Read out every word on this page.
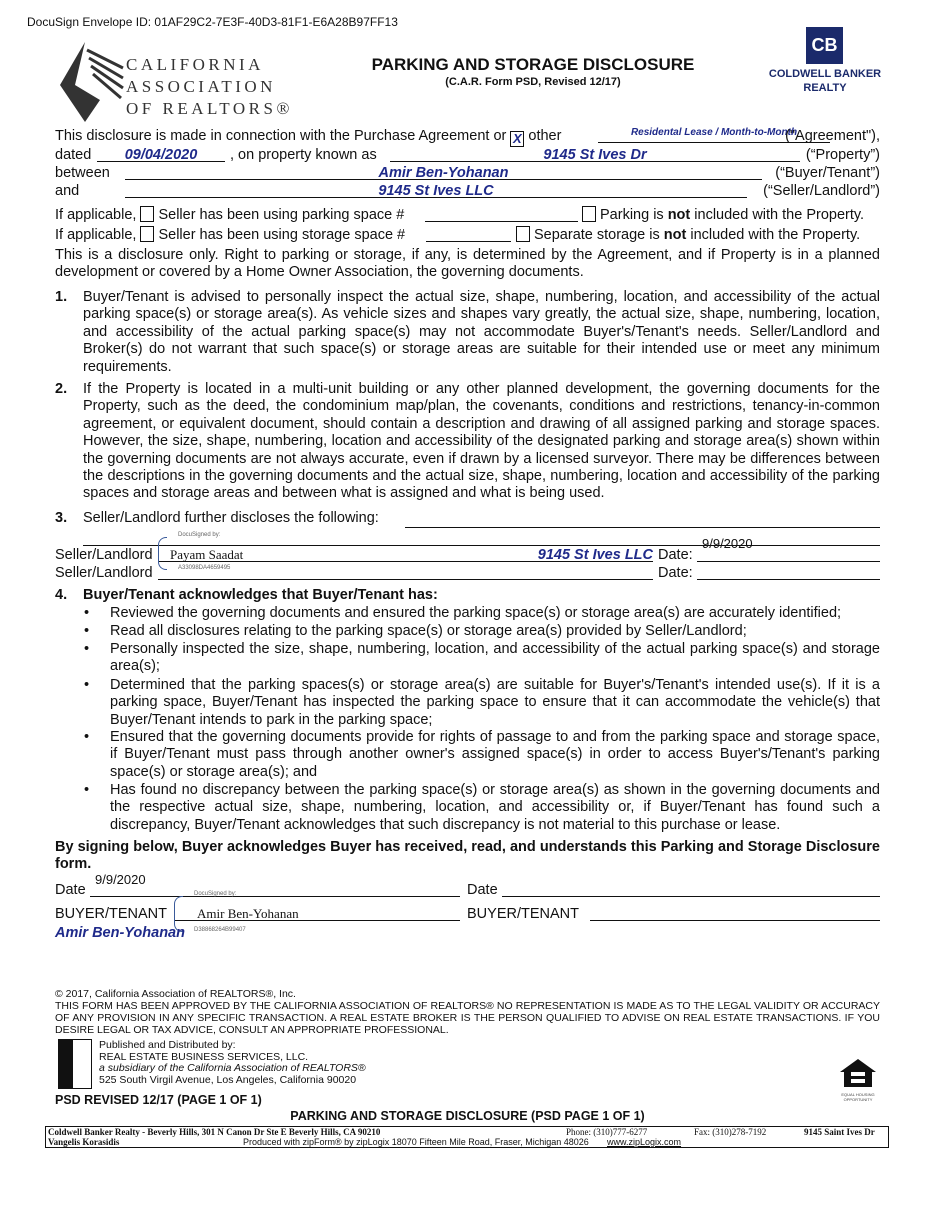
DocuSign Envelope ID: 01AF29C2-7E3F-40D3-81F1-E6A28B97FF13
CALIFORNIA
ASSOCIATION
OF REALTORS®
PARKING AND STORAGE DISCLOSURE
(C.A.R. Form PSD, Revised 12/17)
CB
COLDWELL BANKER
REALTY
This disclosure is made in connection with the Purchase Agreement or X other	Residental Lease / Month-to-Month
("Agreement"),
dated	09/04/2020	, on property known as	9145 St Ives Dr	(“Property”)
between	Amir Ben-Yohanan	(“Buyer/Tenant”)
and	9145 St Ives LLC	(“Seller/Landlord”)
If applicable, Seller has been using parking space #	Parking is not included with the Property.
If applicable, Seller has been using storage space #	Separate storage is not included with the Property.
This is a disclosure only. Right to parking or storage, if any, is determined by the Agreement, and if Property is in a planned development or covered by a Home Owner Association, the governing documents.
1. Buyer/Tenant is advised to personally inspect the actual size, shape, numbering, location, and accessibility of the actual parking space(s) or storage area(s). As vehicle sizes and shapes vary greatly, the actual size, shape, numbering, location, and accessibility of the actual parking space(s) may not accommodate Buyer's/Tenant's needs. Seller/Landlord and Broker(s) do not warrant that such space(s) or storage areas are suitable for their intended use or meet any minimum requirements.
2. If the Property is located in a multi-unit building or any other planned development, the governing documents for the Property, such as the deed, the condominium map/plan, the covenants, conditions and restrictions, tenancy-in-common agreement, or equivalent document, should contain a description and drawing of all assigned parking and storage spaces. However, the size, shape, numbering, location and accessibility of the designated parking and storage area(s) shown within the governing documents are not always accurate, even if drawn by a licensed surveyor. There may be differences between the descriptions in the governing documents and the actual size, shape, numbering, location and accessibility of the parking spaces and storage areas and between what is assigned and what is being used.
3. Seller/Landlord further discloses the following:
Seller/Landlord	9145 St Ives LLC Date:
9/9/2020
DocuSigned by:
Payam Saadat
A33098DA4659495
Seller/Landlord	Date:
4. Buyer/Tenant acknowledges that Buyer/Tenant has:
• Reviewed the governing documents and ensured the parking space(s) or storage area(s) are accurately identified;
• Read all disclosures relating to the parking space(s) or storage area(s) provided by Seller/Landlord;
• Personally inspected the size, shape, numbering, location, and accessibility of the actual parking space(s) and storage area(s);
• Determined that the parking spaces(s) or storage area(s) are suitable for Buyer's/Tenant's intended use(s). If it is a parking space, Buyer/Tenant has inspected the parking space to ensure that it can accommodate the vehicle(s) that Buyer/Tenant intends to park in the parking space;
• Ensured that the governing documents provide for rights of passage to and from the parking space and storage space, if Buyer/Tenant must pass through another owner's assigned space(s) in order to access Buyer's/Tenant's parking space(s) or storage area(s); and
• Has found no discrepancy between the parking space(s) or storage area(s) as shown in the governing documents and the respective actual size, shape, numbering, location, and accessibility or, if Buyer/Tenant has found such a discrepancy, Buyer/Tenant acknowledges that such discrepancy is not material to this purchase or lease.
By signing below, Buyer acknowledges Buyer has received, read, and understands this Parking and Storage Disclosure form.
Date
9/9/2020
Date
BUYER/TENANT	BUYER/TENANT
DocuSigned by:
Amir Ben-Yohanan
D38868264B99407
Amir Ben-Yohanan
© 2017, California Association of REALTORS®, Inc.
THIS FORM HAS BEEN APPROVED BY THE CALIFORNIA ASSOCIATION OF REALTORS® NO REPRESENTATION IS MADE AS TO THE LEGAL VALIDITY OR ACCURACY OF ANY PROVISION IN ANY SPECIFIC TRANSACTION. A REAL ESTATE BROKER IS THE PERSON QUALIFIED TO ADVISE ON REAL ESTATE TRANSACTIONS. IF YOU DESIRE LEGAL OR TAX ADVICE, CONSULT AN APPROPRIATE PROFESSIONAL.
Published and Distributed by:
REAL ESTATE BUSINESS SERVICES, LLC.
a subsidiary of the California Association of REALTORS®
525 South Virgil Avenue, Los Angeles, California 90020
EQUAL HOUSING OPPORTUNITY
PSD REVISED 12/17 (PAGE 1 OF 1)
PARKING AND STORAGE DISCLOSURE (PSD PAGE 1 OF 1)
Coldwell Banker Realty - Beverly Hills, 301 N Canon Dr Ste E Beverly Hills, CA 90210	Phone: (310)777-6277	Fax: (310)278-7192	9145 Saint Ives Dr
Vangelis Korasidis	Produced with zipForm® by zipLogix 18070 Fifteen Mile Road, Fraser, Michigan 48026 www.zipLogix.com
